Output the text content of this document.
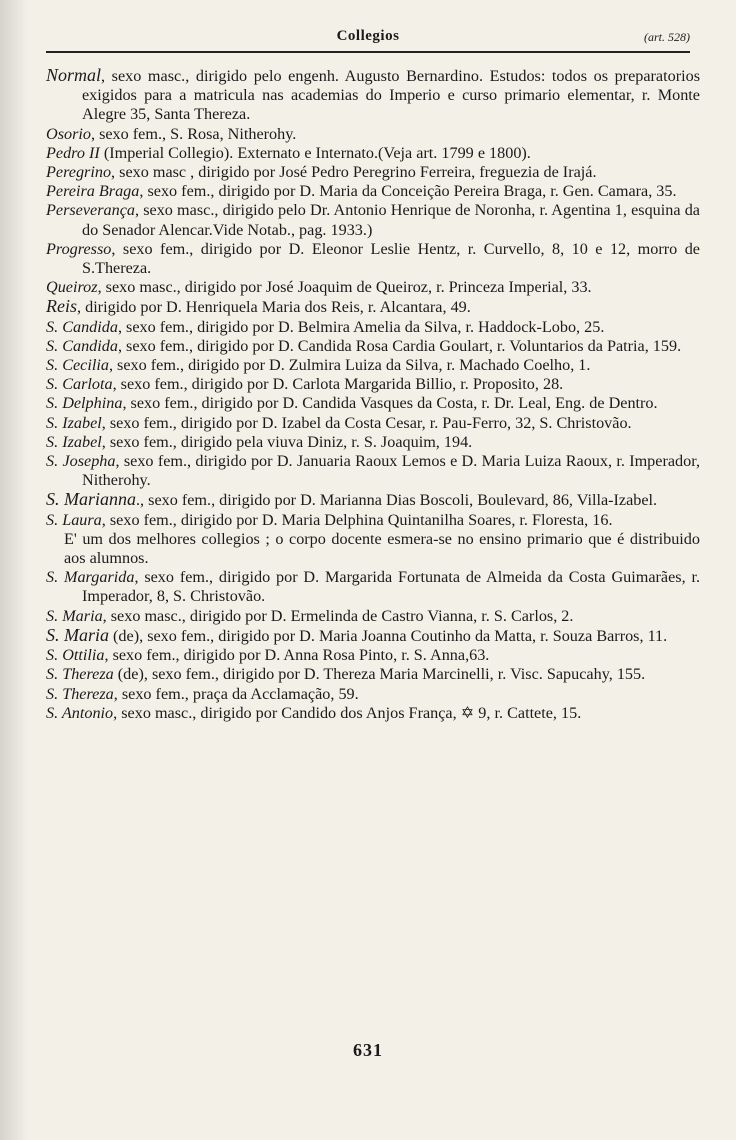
Collegios	(art. 528)

Normal, sexo masc., dirigido pelo engenh. Augusto Bernardino. Estudos: todos os preparatorios exigidos para a matricula nas academias do Imperio e curso primario elementar, r. Monte Alegre 35, Santa Thereza.

Osorio, sexo fem., S. Rosa, Nitherohy.

Pedro II (Imperial Collegio). Externato e Internato.(Veja art. 1799 e 1800).

Peregrino, sexo masc , dirigido por José Pedro Peregrino Ferreira, freguezia de Irajá.

Pereira Braga, sexo fem., dirigido por D. Maria da Conceição Pereira Braga, r. Gen. Camara, 35.

Perseverança, sexo masc., dirigido pelo Dr. Antonio Henrique de Noronha, r. Agentina 1, esquina da do Senador Alencar.Vide Notab., pag. 1933.)

Progresso, sexo fem., dirigido por D. Eleonor Leslie Hentz, r. Curvello, 8, 10 e 12, morro de S.Thereza.

Queiroz, sexo masc., dirigido por José Joaquim de Queiroz, r. Princeza Imperial, 33.

Reis, dirigido por D. Henriquela Maria dos Reis, r. Alcantara, 49.

S. Candida, sexo fem., dirigido por D. Belmira Amelia da Silva, r. Haddock-Lobo, 25.

S. Candida, sexo fem., dirigido por D. Candida Rosa Cardia Goulart, r. Voluntarios da Patria, 159.

S. Cecilia, sexo fem., dirigido por D. Zulmira Luiza da Silva, r. Machado Coelho, 1.

S. Carlota, sexo fem., dirigido por D. Carlota Margarida Billio, r. Proposito, 28.

S. Delphina, sexo fem., dirigido por D. Candida Vasques da Costa, r. Dr. Leal, Eng. de Dentro.

S. Izabel, sexo fem., dirigido por D. Izabel da Costa Cesar, r. Pau-Ferro, 32, S. Christovão.

S. Izabel, sexo fem., dirigido pela viuva Diniz, r. S. Joaquim, 194.

S. Josepha, sexo fem., dirigido por D. Januaria Raoux Lemos e D. Maria Luiza Raoux, r. Imperador, Nitherohy.

S. Marianna., sexo fem., dirigido por D. Marianna Dias Boscoli, Boulevard, 86, Villa-Izabel.

S. Laura, sexo fem., dirigido por D. Maria Delphina Quintanilha Soares, r. Floresta, 16.

E' um dos melhores collegios ; o corpo docente esmera-se no ensino primario que é distribuido aos alumnos.

S. Margarida, sexo fem., dirigido por D. Margarida Fortunata de Almeida da Costa Guimarães, r. Imperador, 8, S. Christovão.

S. Maria, sexo masc., dirigido por D. Ermelinda de Castro Vianna, r. S. Carlos, 2.

S. Maria (de), sexo fem., dirigido por D. Maria Joanna Coutinho da Matta, r. Souza Barros, 11.

S. Ottilia, sexo fem., dirigido por D. Anna Rosa Pinto, r. S. Anna,63.

S. Thereza (de), sexo fem., dirigido por D. Thereza Maria Marcinelli, r. Visc. Sapucahy, 155.

S. Thereza, sexo fem., praça da Acclamação, 59.

S. Antonio, sexo masc., dirigido por Candido dos Anjos França, ✡ 9, r. Cattete, 15.

631
